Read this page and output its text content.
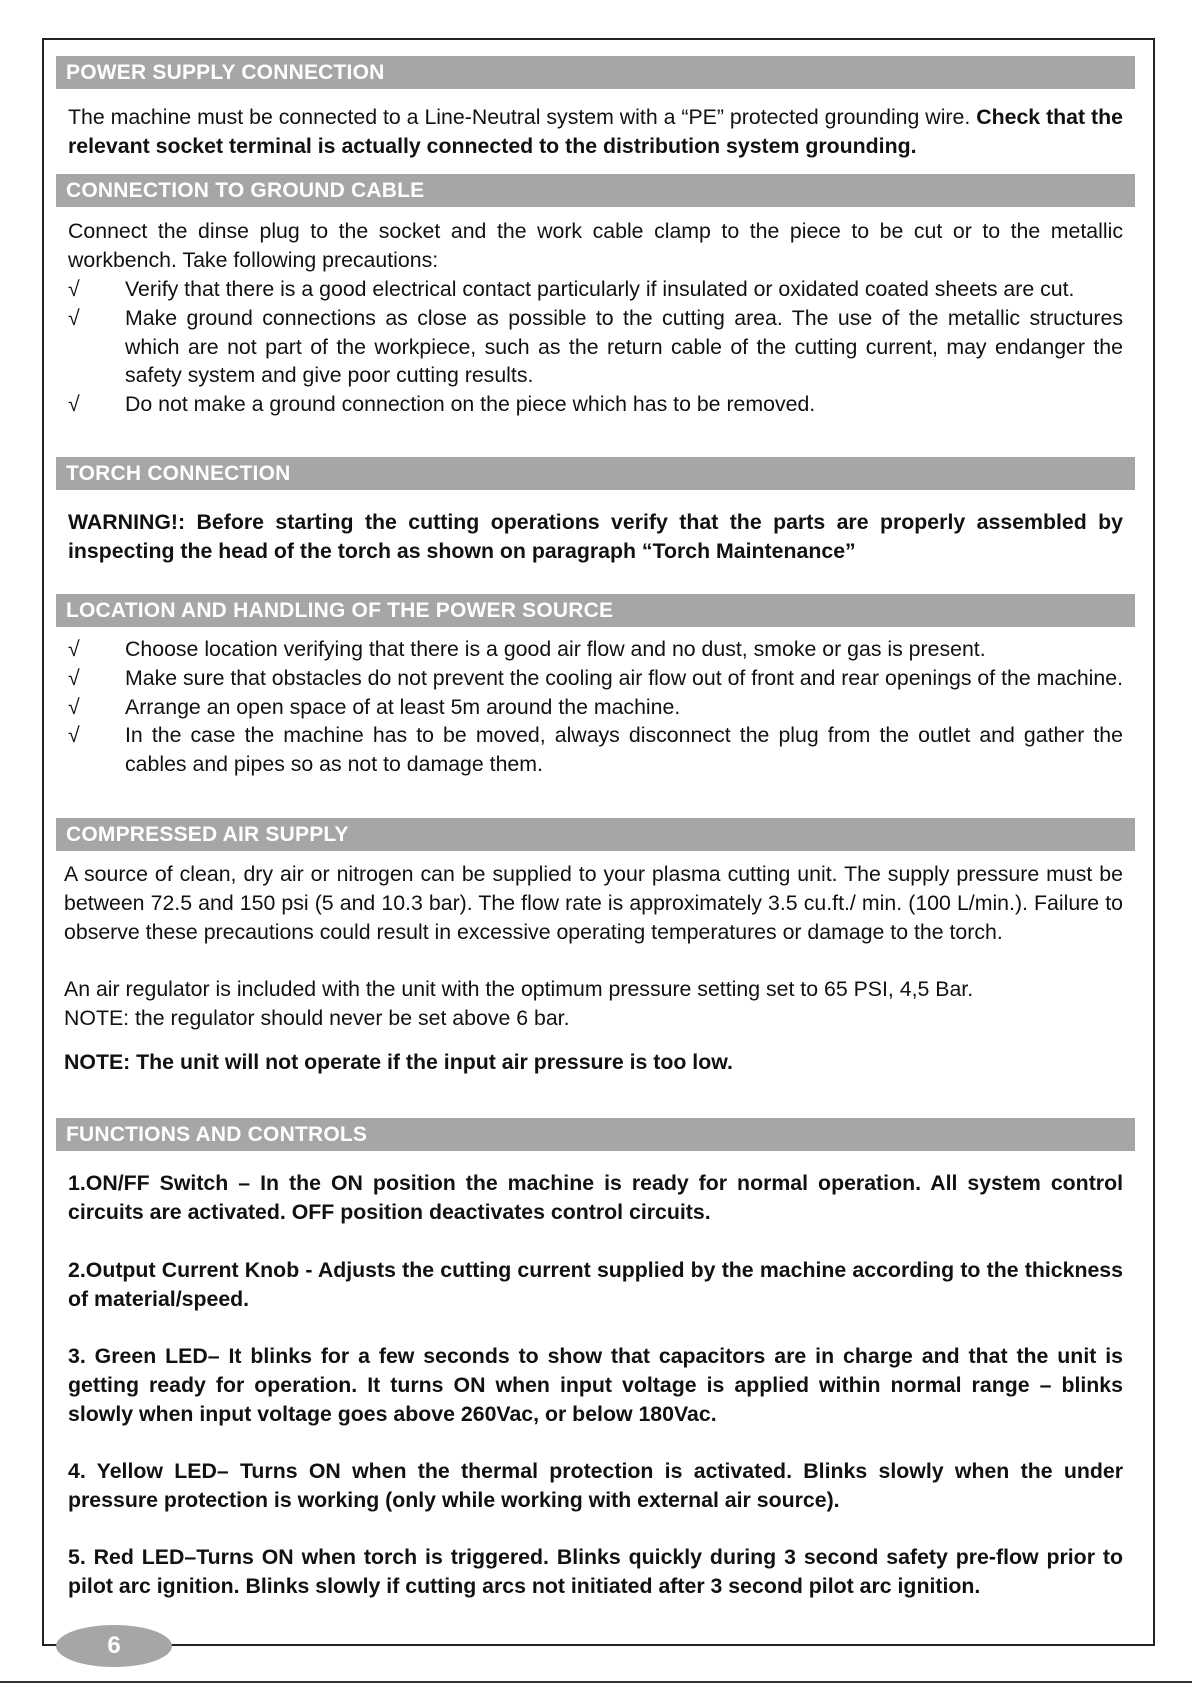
POWER SUPPLY CONNECTION
The machine must be connected to a Line-Neutral system with a “PE” protected grounding wire. Check that the relevant socket terminal is actually connected to the distribution system grounding.
CONNECTION TO GROUND CABLE
Connect the dinse plug to the socket and the work cable clamp to the piece to be cut or to the metallic workbench. Take following precautions:
√ Verify that there is a good electrical contact particularly if insulated or oxidated coated sheets are cut.
√ Make ground connections as close as possible to the cutting area. The use of the metallic structures which are not part of the workpiece, such as the return cable of the cutting current, may endanger the safety system and give poor cutting results.
√ Do not make a ground connection on the piece which has to be removed.
TORCH CONNECTION
WARNING!: Before starting the cutting operations verify that the parts are properly assembled by inspecting the head of the torch as shown on paragraph “Torch Maintenance”
LOCATION AND HANDLING OF THE POWER SOURCE
√ Choose location verifying that there is a good air flow and no dust, smoke or gas is present.
√ Make sure that obstacles do not prevent the cooling air flow out of front and rear openings of the machine.
√ Arrange an open space of at least 5m around the machine.
√ In the case the machine has to be moved, always disconnect the plug from the outlet and gather the cables and pipes so as not to damage them.
COMPRESSED AIR SUPPLY
A source of clean, dry air or nitrogen can be supplied to your plasma cutting unit. The supply pressure must be between 72.5 and 150 psi (5 and 10.3 bar). The flow rate is approximately 3.5 cu.ft./ min. (100 L/min.). Failure to observe these precautions could result in excessive operating temperatures or damage to the torch.
An air regulator is included with the unit with the optimum pressure setting set to 65 PSI, 4,5 Bar.
NOTE: the regulator should never be set above 6 bar.
NOTE: The unit will not operate if the input air pressure is too low.
FUNCTIONS AND CONTROLS
1.ON/FF Switch – In the ON position the machine is ready for normal operation. All system control circuits are activated. OFF position deactivates control circuits.
2.Output Current Knob - Adjusts the cutting current supplied by the machine according to the thickness of material/speed.
3. Green LED– It blinks for a few seconds to show that capacitors are in charge and that the unit is getting ready for operation. It turns ON when input voltage is applied within normal range – blinks slowly when input voltage goes above 260Vac, or below 180Vac.
4. Yellow LED– Turns ON when the thermal protection is activated. Blinks slowly when the under pressure protection is working (only while working with external air source).
5. Red LED–Turns ON when torch is triggered. Blinks quickly during 3 second safety pre-flow prior to pilot arc ignition. Blinks slowly if cutting arcs not initiated after 3 second pilot arc ignition.
6
